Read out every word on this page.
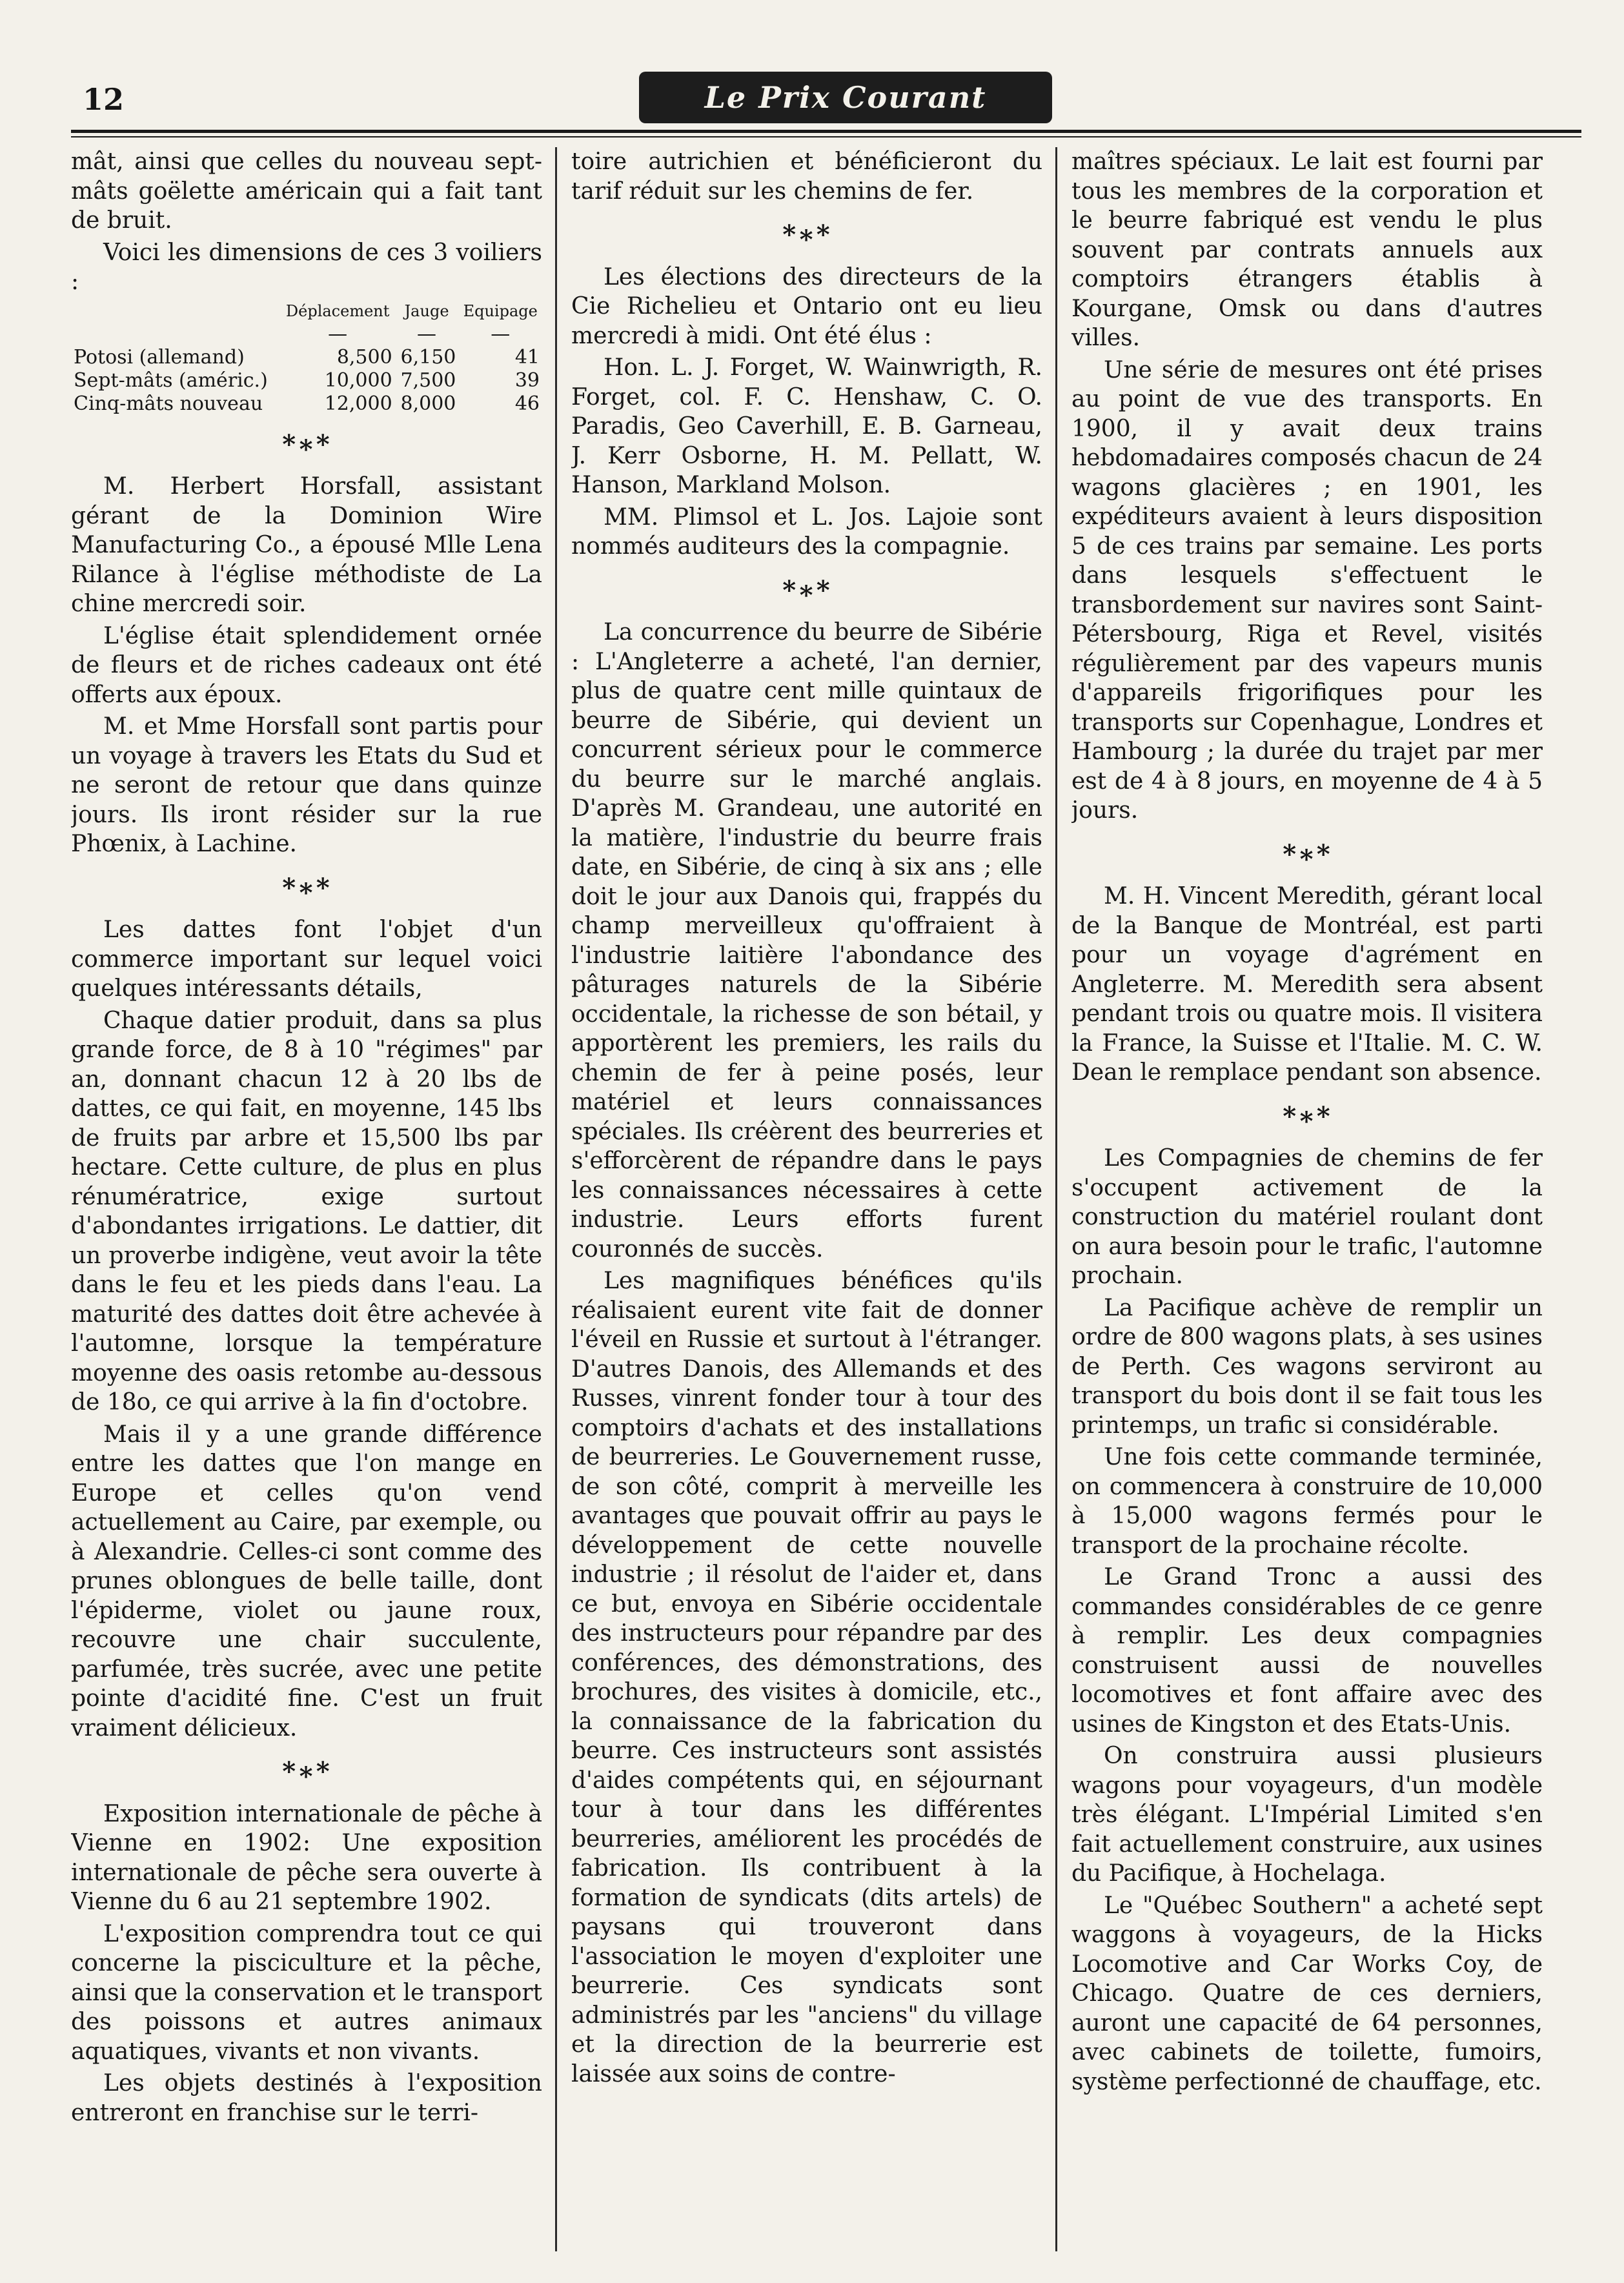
12	Le Prix Courant

mât, ainsi que celles du nouveau sept-mâts goëlette américain qui a fait tant de bruit.

Voici les dimensions de ces 3 voiliers :

	Déplacement	Jauge	Equipage
	—	—	—
Potosi (allemand)	8,500	6,150	41
Sept-mâts (améric.)	10,000	7,500	39
Cinq-mâts nouveau	12,000	8,000	46
*∗*

M. Herbert Horsfall, assistant gérant de la Dominion Wire Manufacturing Co., a épousé Mlle Lena Rilance à l'église méthodiste de La chine mercredi soir.

L'église était splendidement ornée de fleurs et de riches cadeaux ont été offerts aux époux.

M. et Mme Horsfall sont partis pour un voyage à travers les Etats du Sud et ne seront de retour que dans quinze jours. Ils iront résider sur la rue Phœnix, à Lachine.

*∗*

Les dattes font l'objet d'un commerce important sur lequel voici quelques intéressants détails,

Chaque datier produit, dans sa plus grande force, de 8 à 10 "régimes" par an, donnant chacun 12 à 20 lbs de dattes, ce qui fait, en moyenne, 145 lbs de fruits par arbre et 15,500 lbs par hectare. Cette culture, de plus en plus rénumératrice, exige surtout d'abondantes irrigations. Le dattier, dit un proverbe indigène, veut avoir la tête dans le feu et les pieds dans l'eau. La maturité des dattes doit être achevée à l'automne, lorsque la température moyenne des oasis retombe au-dessous de 18o, ce qui arrive à la fin d'octobre.

Mais il y a une grande différence entre les dattes que l'on mange en Europe et celles qu'on vend actuellement au Caire, par exemple, ou à Alexandrie. Celles-ci sont comme des prunes oblongues de belle taille, dont l'épiderme, violet ou jaune roux, recouvre une chair succulente, parfumée, très sucrée, avec une petite pointe d'acidité fine. C'est un fruit vraiment délicieux.

*∗*

Exposition internationale de pêche à Vienne en 1902: Une exposition internationale de pêche sera ouverte à Vienne du 6 au 21 septembre 1902.

L'exposition comprendra tout ce qui concerne la pisciculture et la pêche, ainsi que la conservation et le transport des poissons et autres animaux aquatiques, vivants et non vivants.

Les objets destinés à l'exposition entreront en franchise sur le terri-

toire autrichien et bénéficieront du tarif réduit sur les chemins de fer.

*∗*

Les élections des directeurs de la Cie Richelieu et Ontario ont eu lieu mercredi à midi. Ont été élus :

Hon. L. J. Forget, W. Wainwrigth, R. Forget, col. F. C. Henshaw, C. O. Paradis, Geo Caverhill, E. B. Garneau, J. Kerr Osborne, H. M. Pellatt, W. Hanson, Markland Molson.

MM. Plimsol et L. Jos. Lajoie sont nommés auditeurs des la compagnie.

*∗*

La concurrence du beurre de Sibérie : L'Angleterre a acheté, l'an dernier, plus de quatre cent mille quintaux de beurre de Sibérie, qui devient un concurrent sérieux pour le commerce du beurre sur le marché anglais. D'après M. Grandeau, une autorité en la matière, l'industrie du beurre frais date, en Sibérie, de cinq à six ans ; elle doit le jour aux Danois qui, frappés du champ merveilleux qu'offraient à l'industrie laitière l'abondance des pâturages naturels de la Sibérie occidentale, la richesse de son bétail, y apportèrent les premiers, les rails du chemin de fer à peine posés, leur matériel et leurs connaissances spéciales. Ils créèrent des beurreries et s'efforcèrent de répandre dans le pays les connaissances nécessaires à cette industrie. Leurs efforts furent couronnés de succès.

Les magnifiques bénéfices qu'ils réalisaient eurent vite fait de donner l'éveil en Russie et surtout à l'étranger. D'autres Danois, des Allemands et des Russes, vinrent fonder tour à tour des comptoirs d'achats et des installations de beurreries. Le Gouvernement russe, de son côté, comprit à merveille les avantages que pouvait offrir au pays le développement de cette nouvelle industrie ; il résolut de l'aider et, dans ce but, envoya en Sibérie occidentale des instructeurs pour répandre par des conférences, des démonstrations, des brochures, des visites à domicile, etc., la connaissance de la fabrication du beurre. Ces instructeurs sont assistés d'aides compétents qui, en séjournant tour à tour dans les différentes beurreries, améliorent les procédés de fabrication. Ils contribuent à la formation de syndicats (dits artels) de paysans qui trouveront dans l'association le moyen d'exploiter une beurrerie. Ces syndicats sont administrés par les "anciens" du village et la direction de la beurrerie est laissée aux soins de contre-

maîtres spéciaux. Le lait est fourni par tous les membres de la corporation et le beurre fabriqué est vendu le plus souvent par contrats annuels aux comptoirs étrangers établis à Kourgane, Omsk ou dans d'autres villes.

Une série de mesures ont été prises au point de vue des transports. En 1900, il y avait deux trains hebdomadaires composés chacun de 24 wagons glacières ; en 1901, les expéditeurs avaient à leurs disposition 5 de ces trains par semaine. Les ports dans lesquels s'effectuent le transbordement sur navires sont Saint-Pétersbourg, Riga et Revel, visités régulièrement par des vapeurs munis d'appareils frigorifiques pour les transports sur Copenhague, Londres et Hambourg ; la durée du trajet par mer est de 4 à 8 jours, en moyenne de 4 à 5 jours.

*∗*

M. H. Vincent Meredith, gérant local de la Banque de Montréal, est parti pour un voyage d'agrément en Angleterre. M. Meredith sera absent pendant trois ou quatre mois. Il visitera la France, la Suisse et l'Italie. M. C. W. Dean le remplace pendant son absence.

*∗*

Les Compagnies de chemins de fer s'occupent activement de la construction du matériel roulant dont on aura besoin pour le trafic, l'automne prochain.

La Pacifique achève de remplir un ordre de 800 wagons plats, à ses usines de Perth. Ces wagons serviront au transport du bois dont il se fait tous les printemps, un trafic si considérable.

Une fois cette commande terminée, on commencera à construire de 10,000 à 15,000 wagons fermés pour le transport de la prochaine récolte.

Le Grand Tronc a aussi des commandes considérables de ce genre à remplir. Les deux compagnies construisent aussi de nouvelles locomotives et font affaire avec des usines de Kingston et des Etats-Unis.

On construira aussi plusieurs wagons pour voyageurs, d'un modèle très élégant. L'Impérial Limited s'en fait actuellement construire, aux usines du Pacifique, à Hochelaga.

Le "Québec Southern" a acheté sept waggons à voyageurs, de la Hicks Locomotive and Car Works Coy, de Chicago. Quatre de ces derniers, auront une capacité de 64 personnes, avec cabinets de toilette, fumoirs, système perfectionné de chauffage, etc.
